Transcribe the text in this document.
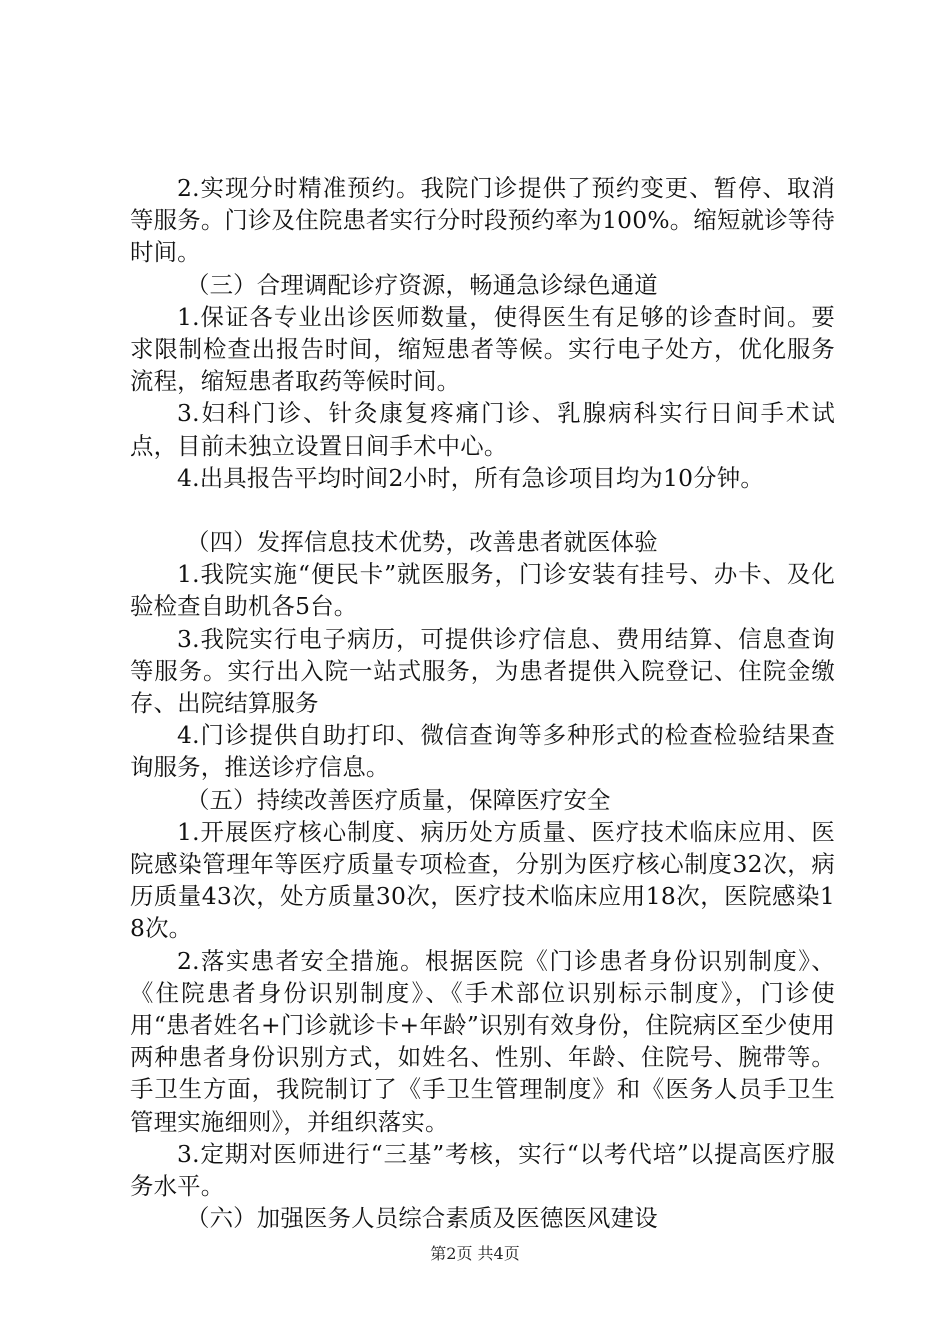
2.实现分时精准预约。我院门诊提供了预约变更、暂停、取消等服务。门诊及住院患者实行分时段预约率为100%。缩短就诊等待时间。

（三）合理调配诊疗资源，畅通急诊绿色通道

1.保证各专业出诊医师数量，使得医生有足够的诊查时间。要求限制检查出报告时间，缩短患者等候。实行电子处方，优化服务流程，缩短患者取药等候时间。

3.妇科门诊、针灸康复疼痛门诊、乳腺病科实行日间手术试点，目前未独立设置日间手术中心。

4.出具报告平均时间2小时，所有急诊项目均为10分钟。

（四）发挥信息技术优势，改善患者就医体验

1.我院实施“便民卡”就医服务，门诊安装有挂号、办卡、及化验检查自助机各5台。

3.我院实行电子病历，可提供诊疗信息、费用结算、信息查询等服务。实行出入院一站式服务，为患者提供入院登记、住院金缴存、出院结算服务

4.门诊提供自助打印、微信查询等多种形式的检查检验结果查询服务，推送诊疗信息。

（五）持续改善医疗质量，保障医疗安全

1.开展医疗核心制度、病历处方质量、医疗技术临床应用、医院感染管理年等医疗质量专项检查，分别为医疗核心制度32次，病历质量43次，处方质量30次，医疗技术临床应用18次，医院感染18次。

2.落实患者安全措施。根据医院《门诊患者身份识别制度》、《住院患者身份识别制度》、《手术部位识别标示制度》，门诊使用“患者姓名+门诊就诊卡+年龄”识别有效身份，住院病区至少使用两种患者身份识别方式，如姓名、性别、年龄、住院号、腕带等。手卫生方面，我院制订了《手卫生管理制度》和《医务人员手卫生管理实施细则》，并组织落实。

3.定期对医师进行“三基”考核，实行“以考代培”以提高医疗服务水平。

（六）加强医务人员综合素质及医德医风建设

第2页 共4页
